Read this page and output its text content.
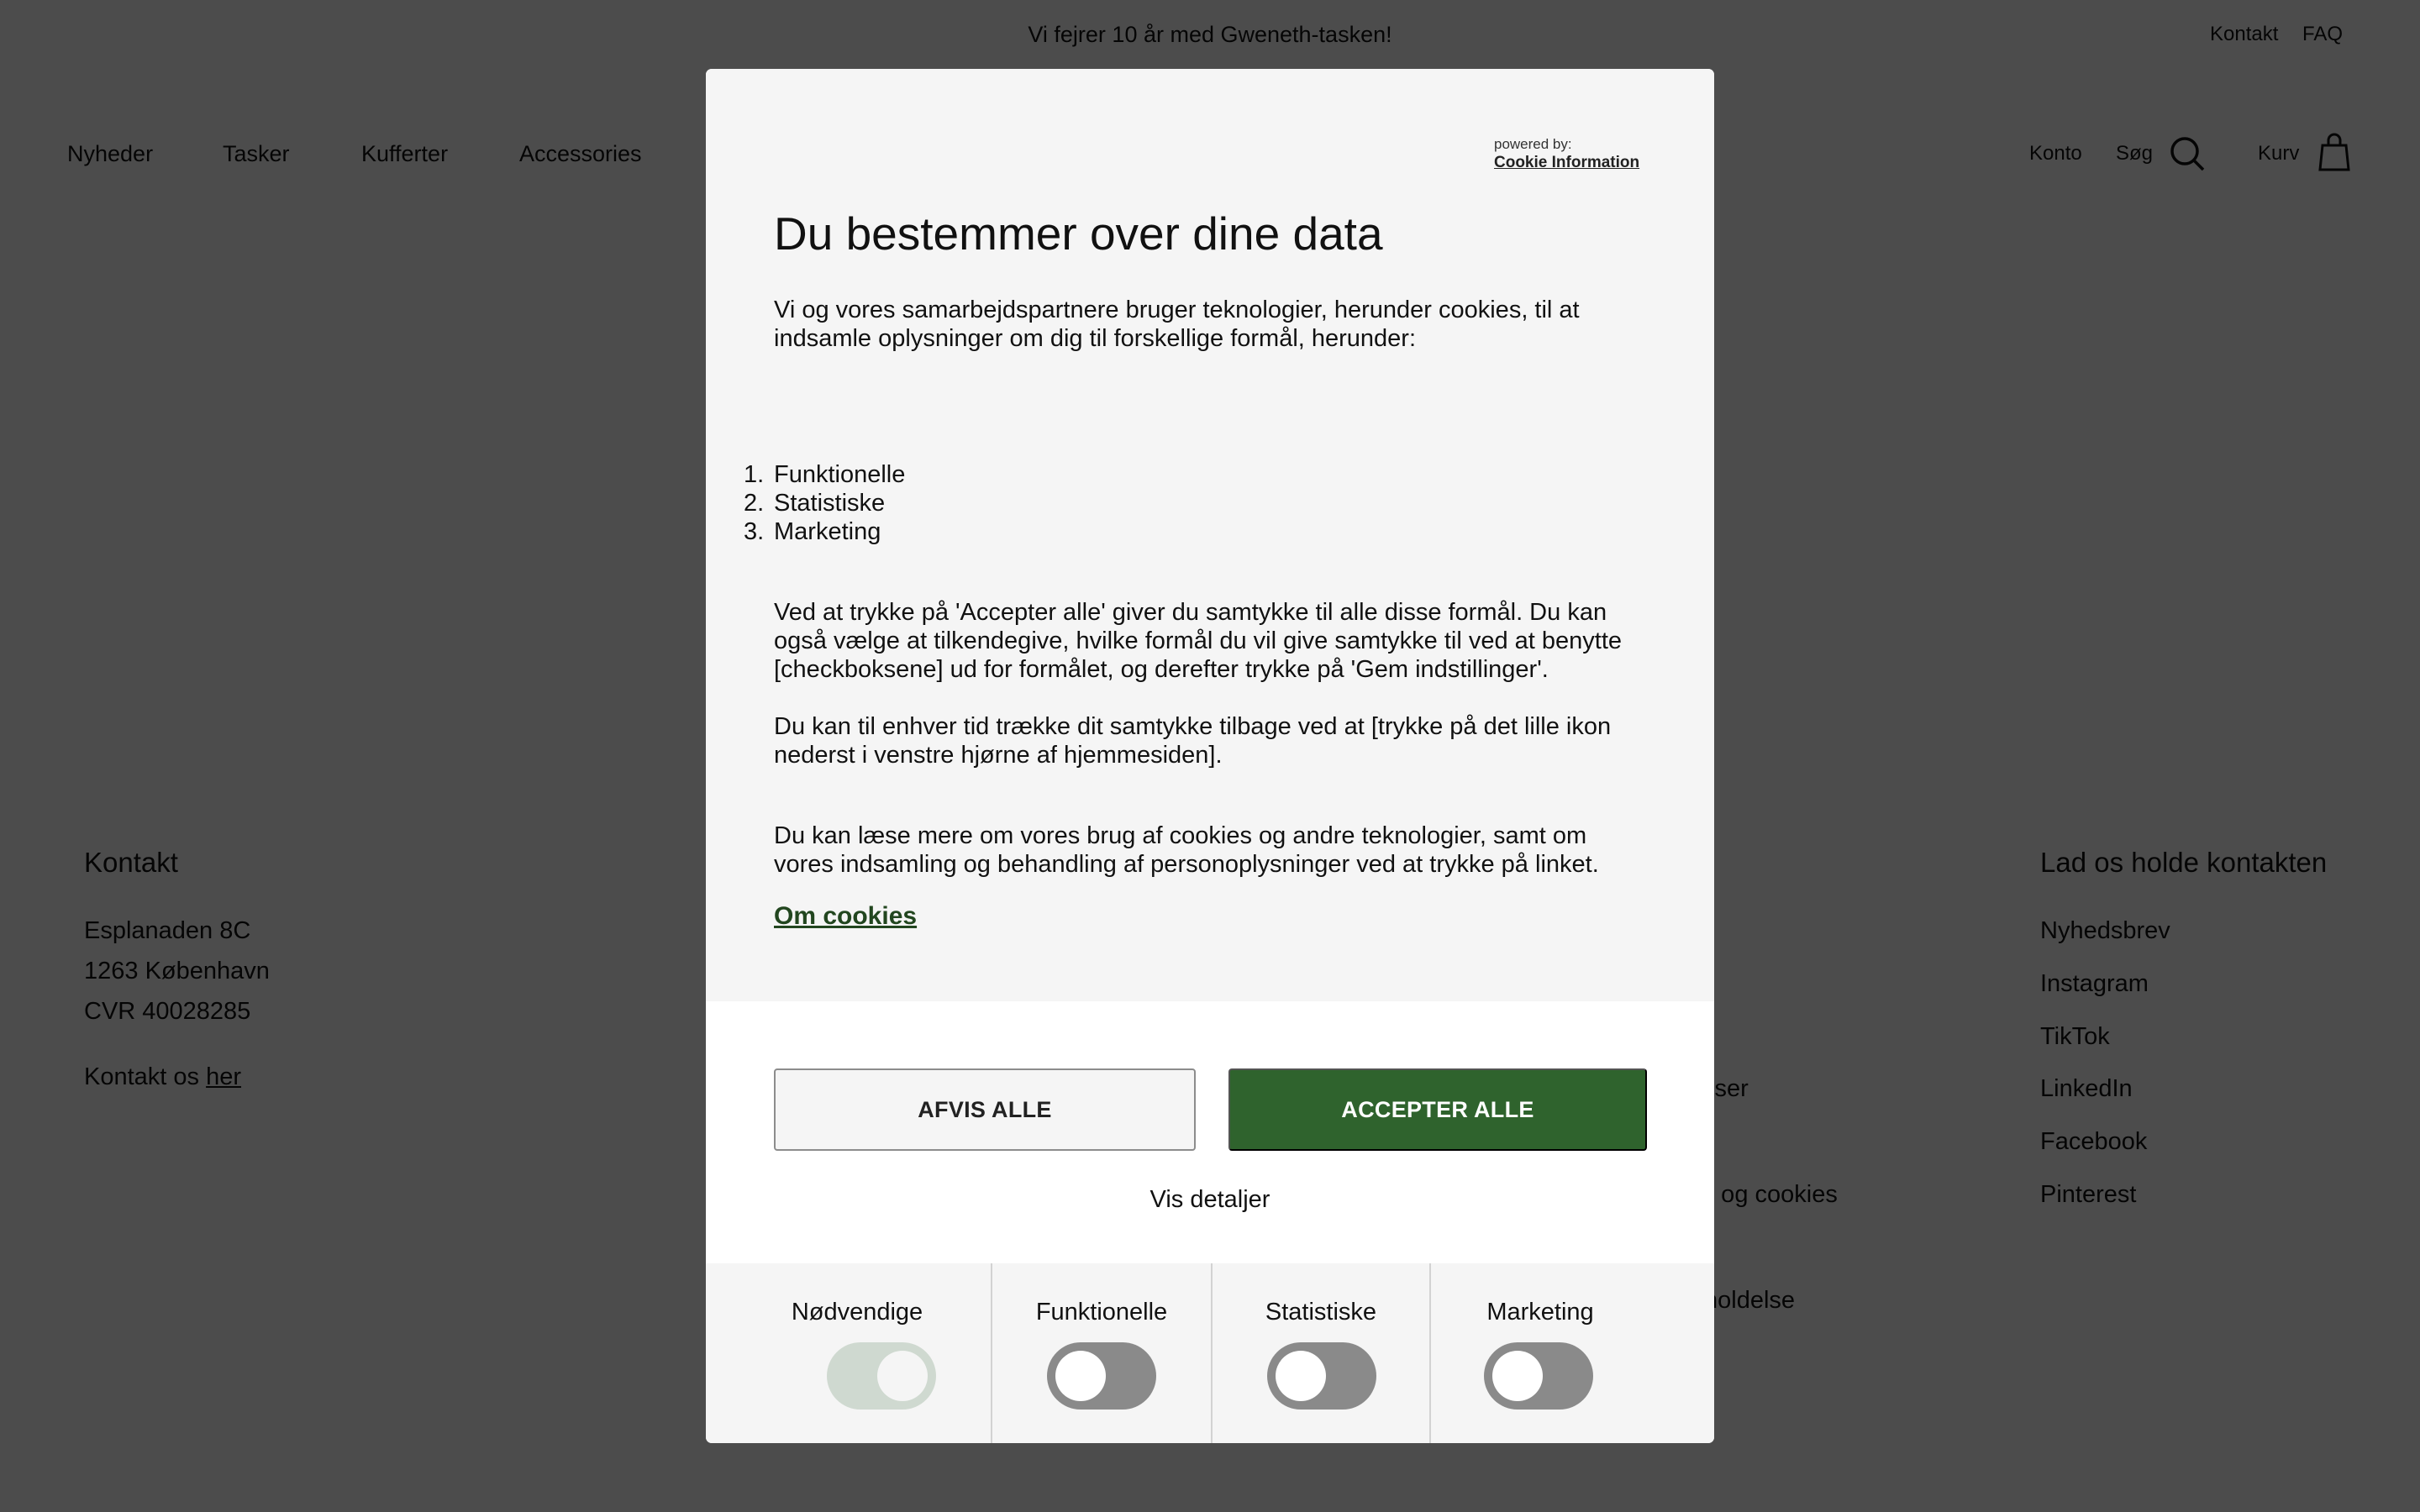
powered by:
Cookie Information
Du bestemmer over dine data

Vi og vores samarbejdspartnere bruger teknologier, herunder cookies, til at indsamle oplysninger om dig til forskellige formål, herunder:

1. Funktionelle
2. Statistiske
3. Marketing

Ved at trykke på 'Accepter alle' giver du samtykke til alle disse formål. Du kan også vælge at tilkendegive, hvilke formål du vil give samtykke til ved at benytte [checkboksene] ud for formålet, og derefter trykke på 'Gem indstillinger'.

Du kan til enhver tid trække dit samtykke tilbage ved at [trykke på det lille ikon nederst i venstre hjørne af hjemmesiden].

Du kan læse mere om vores brug af cookies og andre teknologier, samt om vores indsamling og behandling af personoplysninger ved at trykke på linket.

Om cookies
AFVIS ALLE	ACCEPTER ALLE
Vis detaljer
Nødvendige	Funktionelle	Statistiske	Marketing
